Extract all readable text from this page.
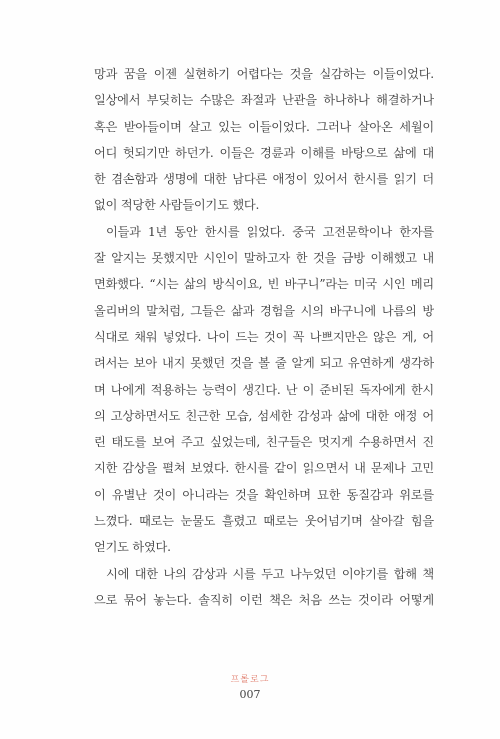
망과 꿈을 이젠 실현하기 어렵다는 것을 실감하는 이들이었다.
일상에서 부딪히는 수많은 좌절과 난관을 하나하나 해결하거나
혹은 받아들이며 살고 있는 이들이었다. 그러나 살아온 세월이
어디 헛되기만 하던가. 이들은 경륜과 이해를 바탕으로 삶에 대
한 겸손함과 생명에 대한 남다른 애정이 있어서 한시를 읽기 더
없이 적당한 사람들이기도 했다.
이들과 1년 동안 한시를 읽었다. 중국 고전문학이나 한자를
잘 알지는 못했지만 시인이 말하고자 한 것을 금방 이해했고 내
면화했다. “시는 삶의 방식이요, 빈 바구니”라는 미국 시인 메리
올리버의 말처럼, 그들은 삶과 경험을 시의 바구니에 나름의 방
식대로 채워 넣었다. 나이 드는 것이 꼭 나쁘지만은 않은 게, 어
려서는 보아 내지 못했던 것을 볼 줄 알게 되고 유연하게 생각하
며 나에게 적용하는 능력이 생긴다. 난 이 준비된 독자에게 한시
의 고상하면서도 친근한 모습, 섬세한 감성과 삶에 대한 애정 어
린 태도를 보여 주고 싶었는데, 친구들은 멋지게 수용하면서 진
지한 감상을 펼쳐 보였다. 한시를 같이 읽으면서 내 문제나 고민
이 유별난 것이 아니라는 것을 확인하며 묘한 동질감과 위로를
느꼈다. 때로는 눈물도 흘렸고 때로는 웃어넘기며 살아갈 힘을
얻기도 하였다.
시에 대한 나의 감상과 시를 두고 나누었던 이야기를 합해 책
으로 묶어 놓는다. 솔직히 이런 책은 처음 쓰는 것이라 어떻게
프롤로그
007
